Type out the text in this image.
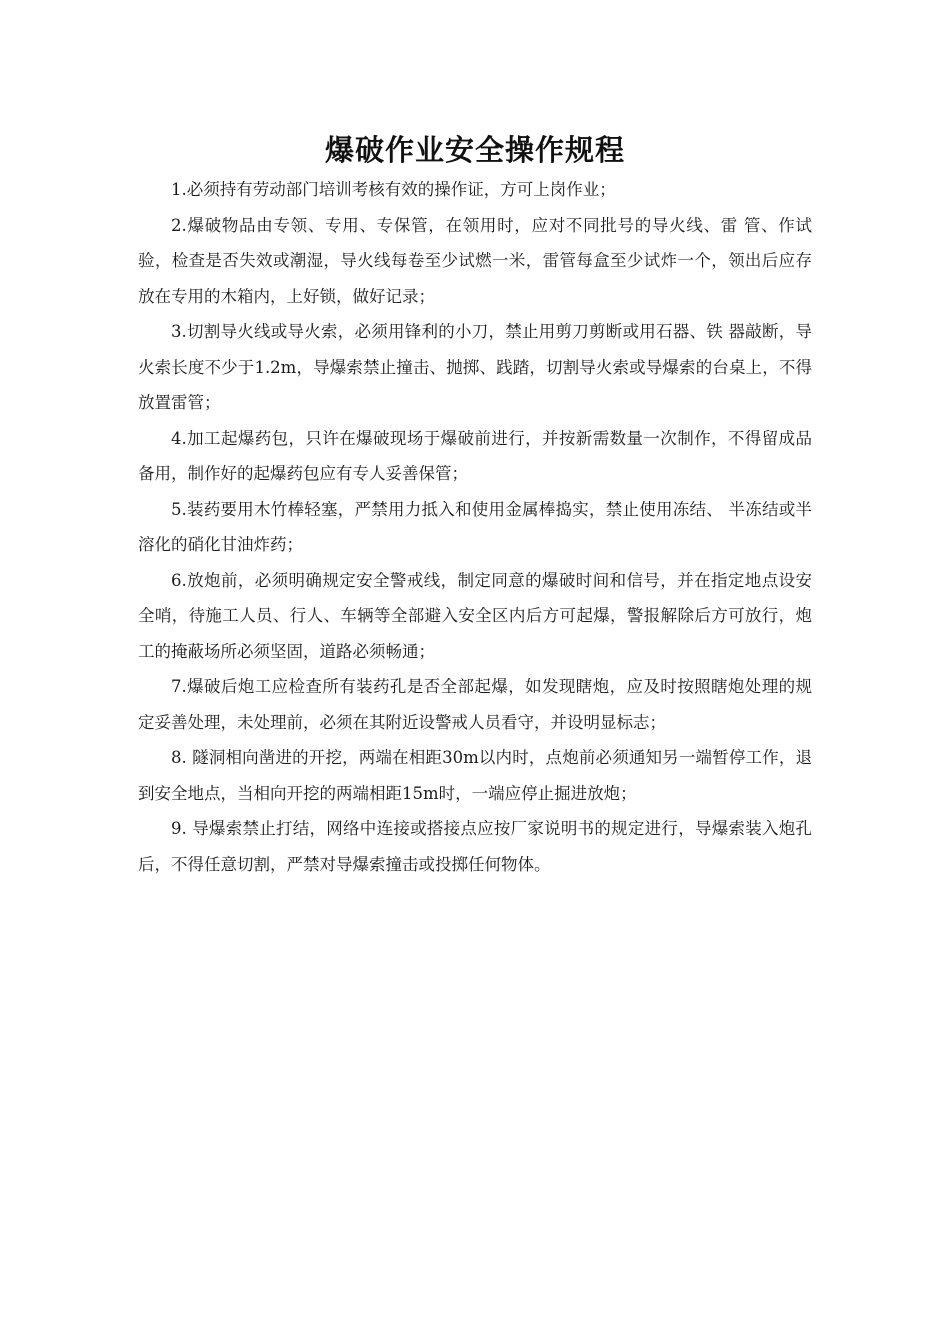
爆破作业安全操作规程

1.必须持有劳动部门培训考核有效的操作证，方可上岗作业；

2.爆破物品由专领、专用、专保管，在领用时，应对不同批号的导火线、雷 管、作试验，检查是否失效或潮湿，导火线每卷至少试燃一米，雷管每盒至少试炸一个，领出后应存放在专用的木箱内，上好锁，做好记录；

3.切割导火线或导火索，必须用锋利的小刀，禁止用剪刀剪断或用石器、铁 器敲断，导火索长度不少于1.2m，导爆索禁止撞击、抛掷、践踏，切割导火索或导爆索的台桌上，不得放置雷管；

4.加工起爆药包，只许在爆破现场于爆破前进行，并按新需数量一次制作，不得留成品备用，制作好的起爆药包应有专人妥善保管；

5.装药要用木竹棒轻塞，严禁用力抵入和使用金属棒捣实，禁止使用冻结、 半冻结或半溶化的硝化甘油炸药；

6.放炮前，必须明确规定安全警戒线，制定同意的爆破时间和信号，并在指定地点设安全哨，待施工人员、行人、车辆等全部避入安全区内后方可起爆，警报解除后方可放行，炮工的掩蔽场所必须坚固，道路必须畅通；

7.爆破后炮工应检查所有装药孔是否全部起爆，如发现瞎炮，应及时按照瞎炮处理的规定妥善处理，未处理前，必须在其附近设警戒人员看守，并设明显标志；

8. 隧洞相向凿进的开挖，两端在相距30m以内时，点炮前必须通知另一端暂停工作，退到安全地点，当相向开挖的两端相距15m时，一端应停止掘进放炮；

9. 导爆索禁止打结，网络中连接或搭接点应按厂家说明书的规定进行，导爆索装入炮孔后，不得任意切割，严禁对导爆索撞击或投掷任何物体。
